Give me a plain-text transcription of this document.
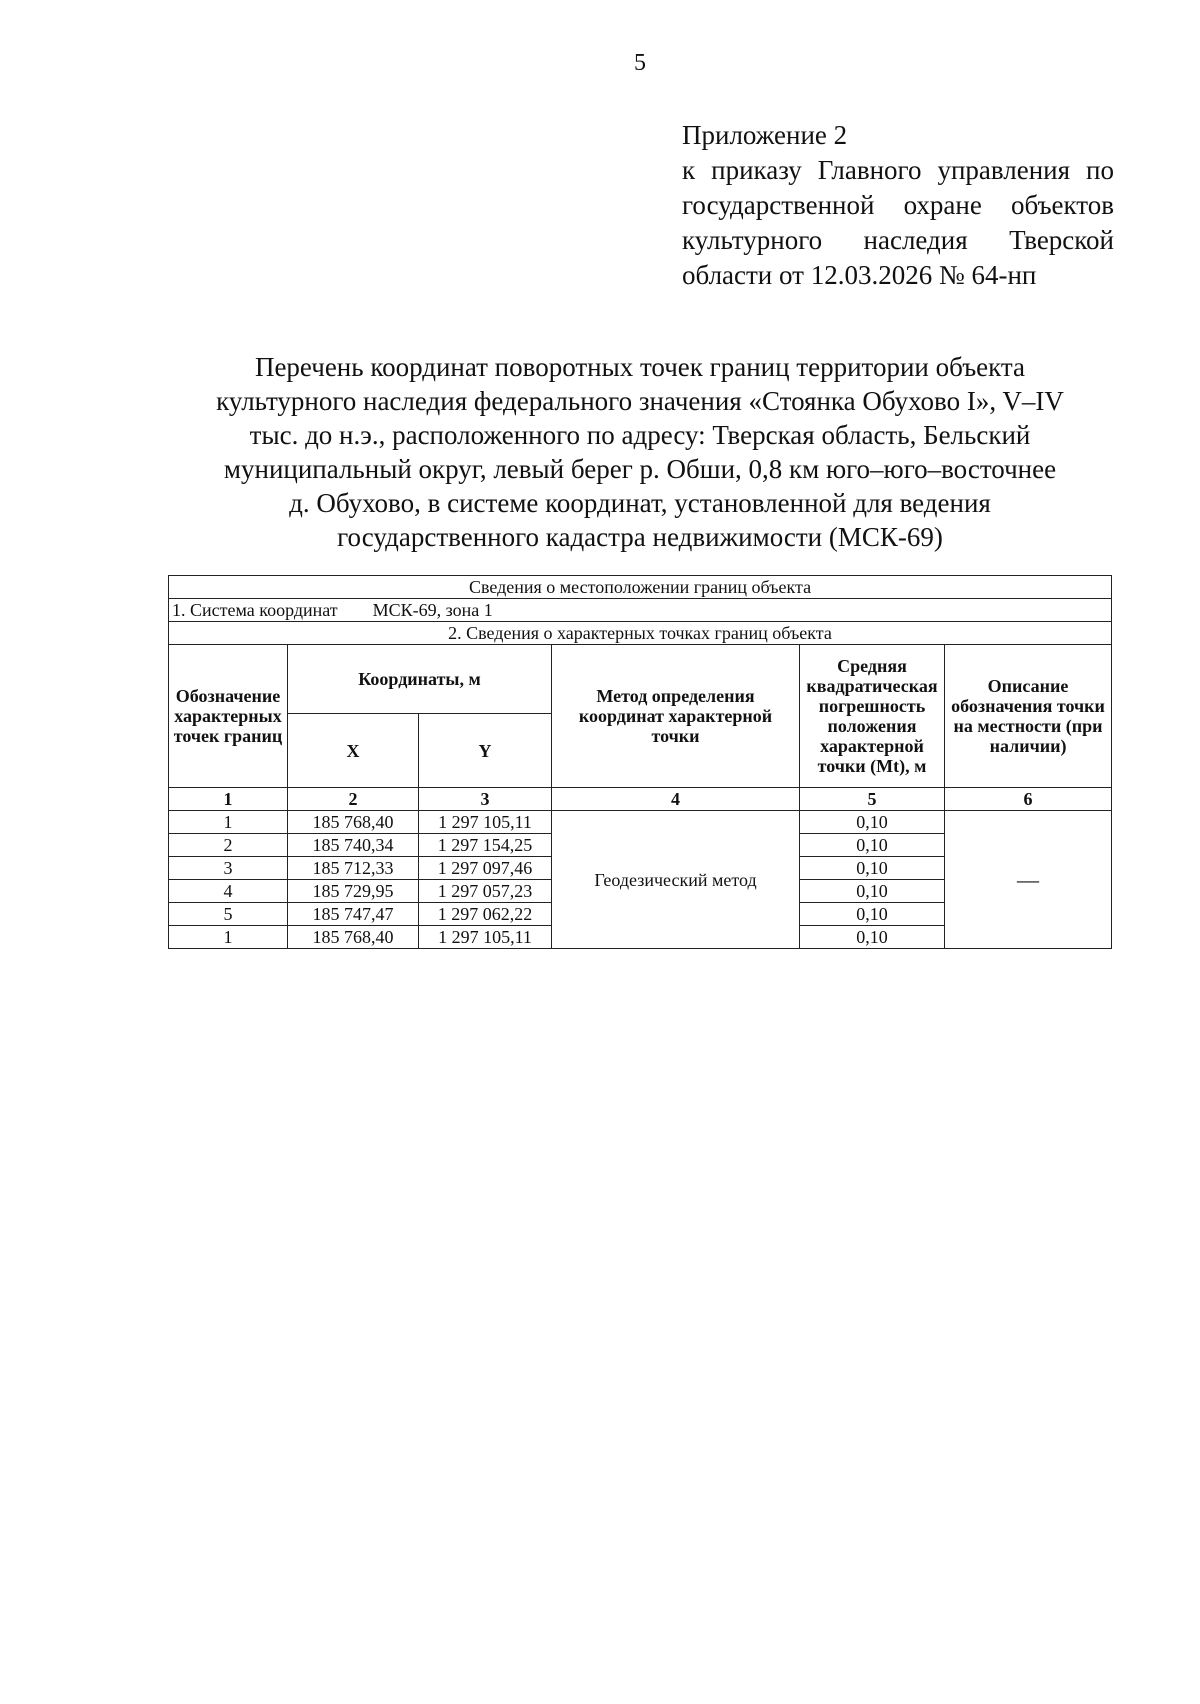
5
Приложение 2
к приказу Главного управления по
государственной охране объектов
культурного наследия Тверской
области от 12.03.2026 № 64-нп
Перечень координат поворотных точек границ территории объекта
культурного наследия федерального значения «Стоянка Обухово I», V–IV
тыс. до н.э., расположенного по адресу: Тверская область, Бельский
муниципальный округ, левый берег р. Обши, 0,8 км юго–юго–восточнее
д. Обухово, в системе координат, установленной для ведения
государственного кадастра недвижимости (МСК-69)
Сведения о местоположении границ объекта					
1. Система координат МСК-69, зона 1					
2. Сведения о характерных точках границ объекта					
Обозначение характерных точек границ	Координаты, м		Метод определения координат характерной точки	Средняя квадратическая погрешность положения характерной точки (Mt), м	Описание обозначения точки на местности (при наличии)
	X	Y			
1	2	3	4	5	6
1	185 768,40	1 297 105,11	Геодезический метод	0,10	—
2	185 740,34	1 297 154,25		0,10	
3	185 712,33	1 297 097,46		0,10	
4	185 729,95	1 297 057,23		0,10	
5	185 747,47	1 297 062,22		0,10	
1	185 768,40	1 297 105,11		0,10	
